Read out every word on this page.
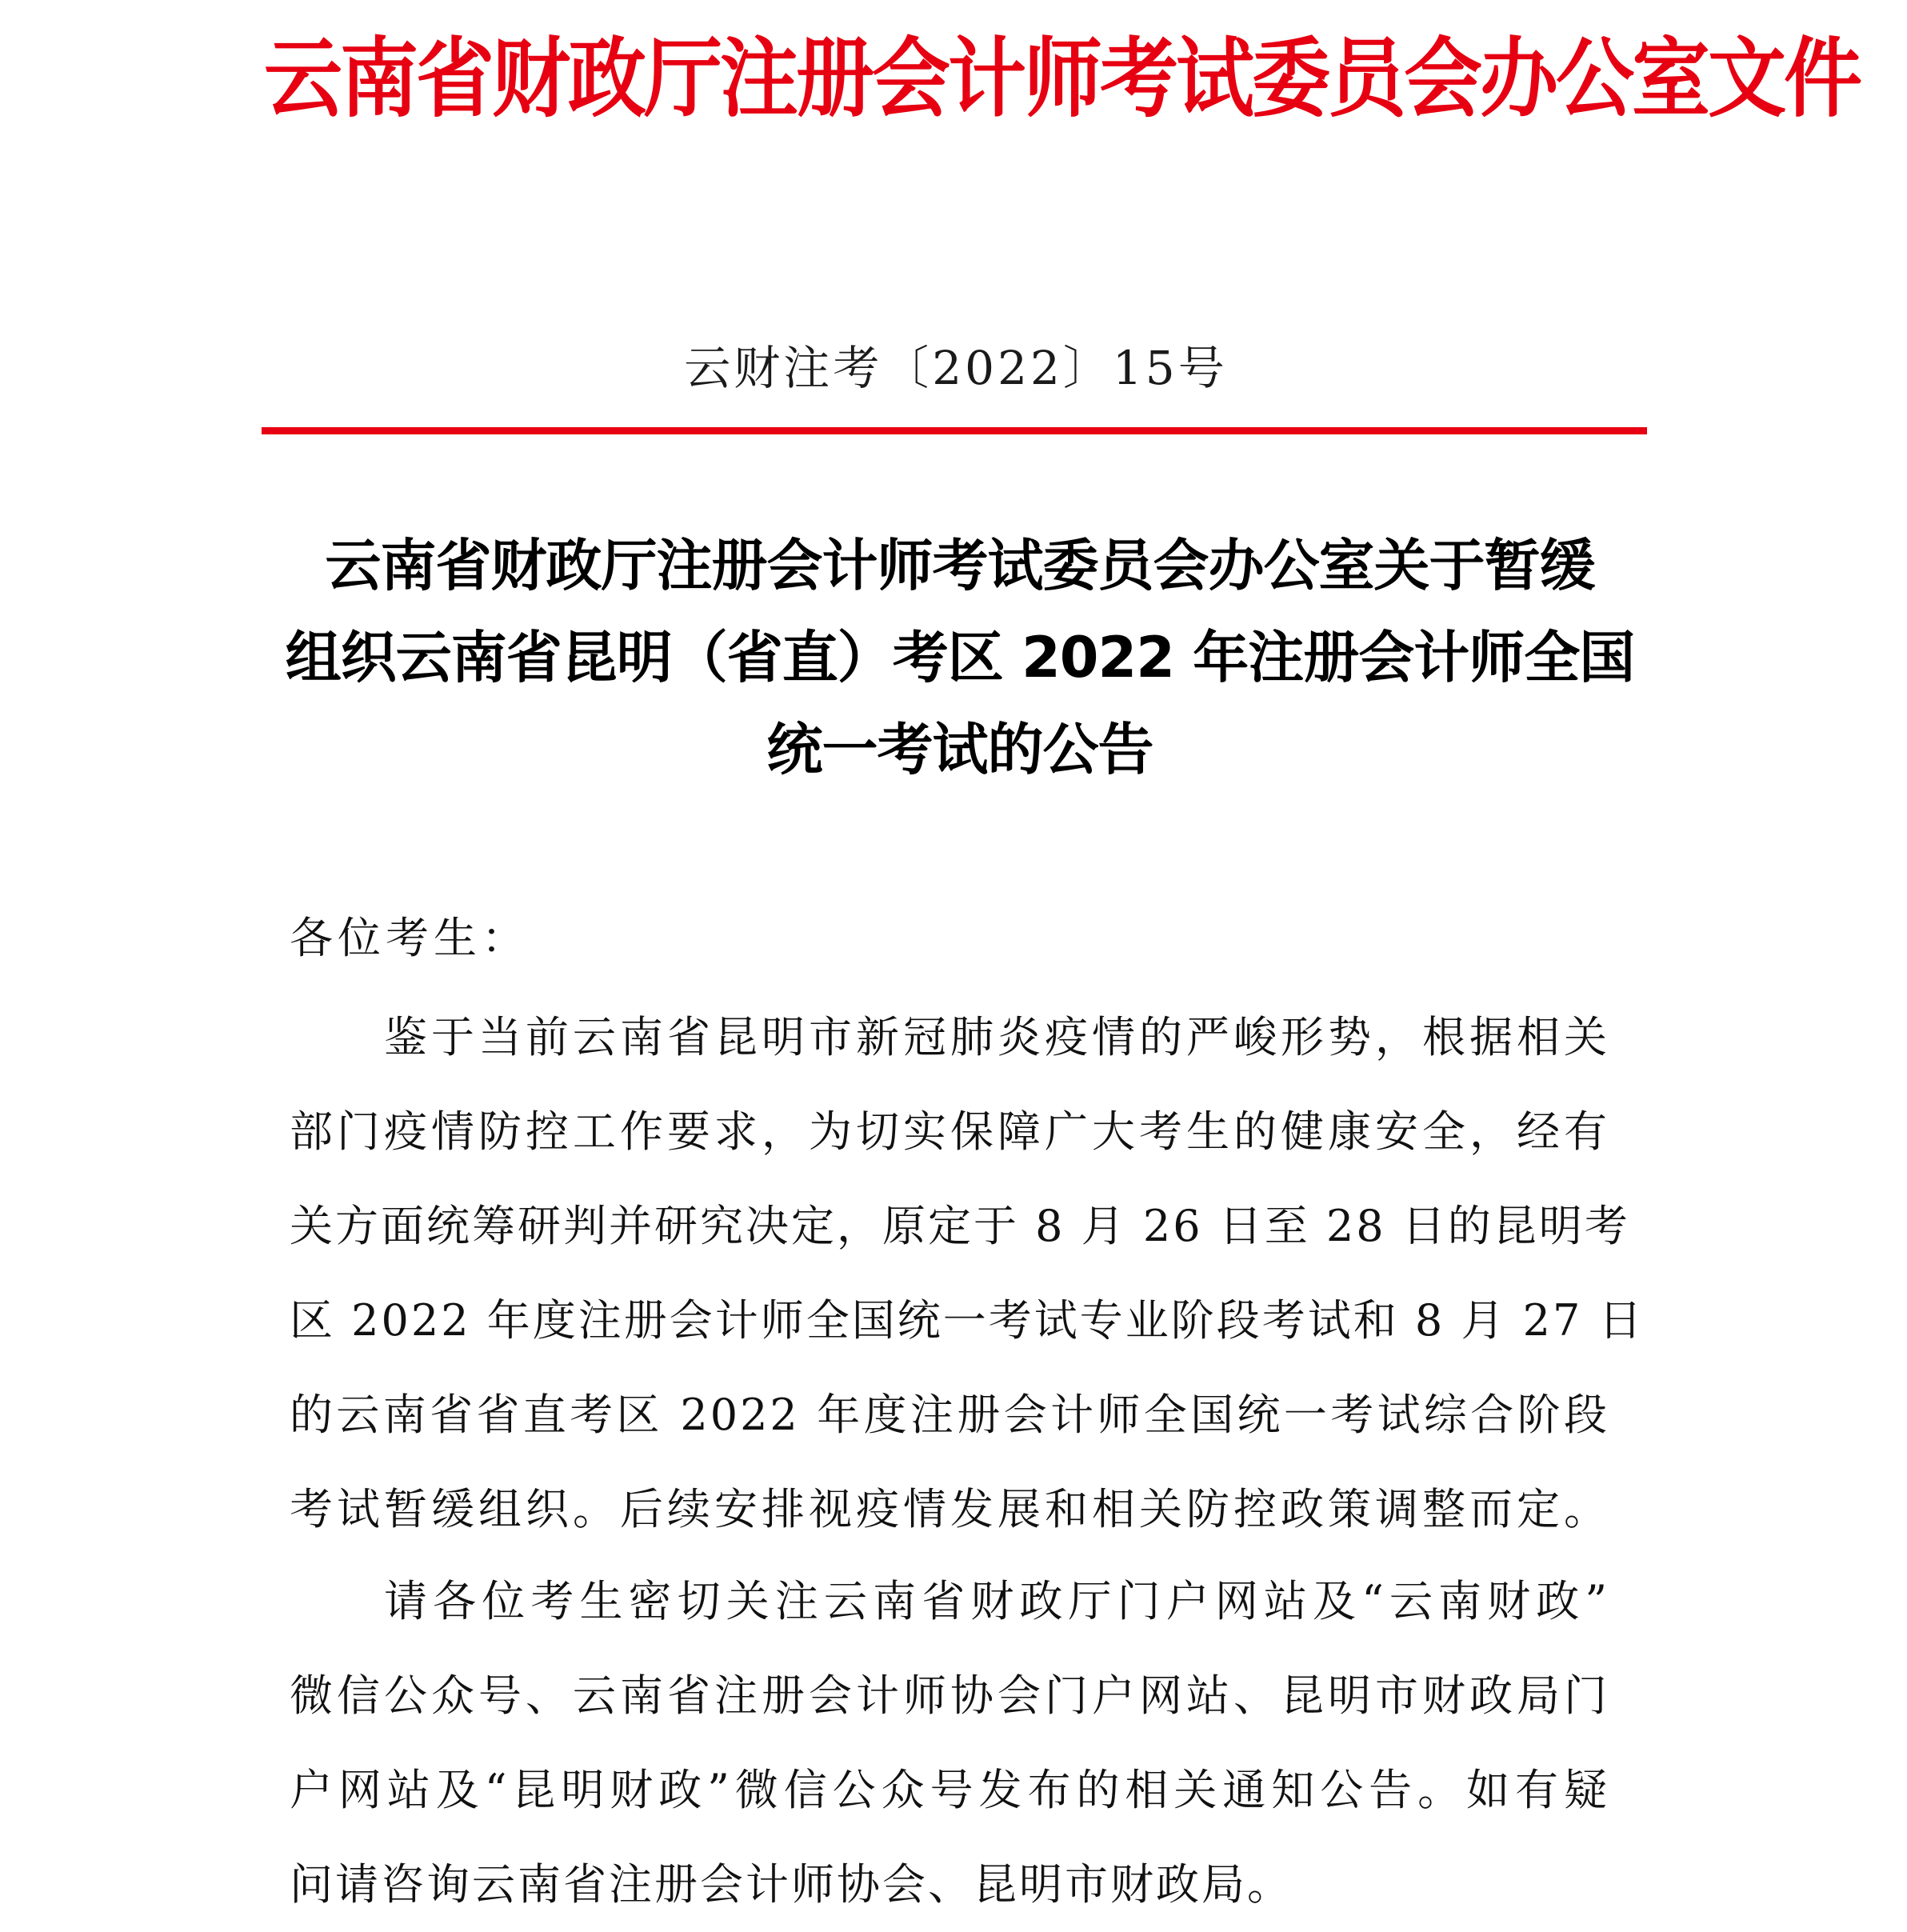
云南省财政厅注册会计师考试委员会办公室文件
云财注考〔2022〕15号
云南省财政厅注册会计师考试委员会办公室关于暂缓
组织云南省昆明（省直）考区 2022 年注册会计师全国
统一考试的公告
各位考生：
鉴于当前云南省昆明市新冠肺炎疫情的严峻形势，根据相关
部门疫情防控工作要求，为切实保障广大考生的健康安全，经有
关方面统筹研判并研究决定，原定于 8 月 26 日至 28 日的昆明考
区 2022 年度注册会计师全国统一考试专业阶段考试和 8 月 27 日
的云南省省直考区 2022 年度注册会计师全国统一考试综合阶段
考试暂缓组织。后续安排视疫情发展和相关防控政策调整而定。
请各位考生密切关注云南省财政厅门户网站及“云南财政”
微信公众号、云南省注册会计师协会门户网站、昆明市财政局门
户网站及“昆明财政”微信公众号发布的相关通知公告。如有疑
问请咨询云南省注册会计师协会、昆明市财政局。
